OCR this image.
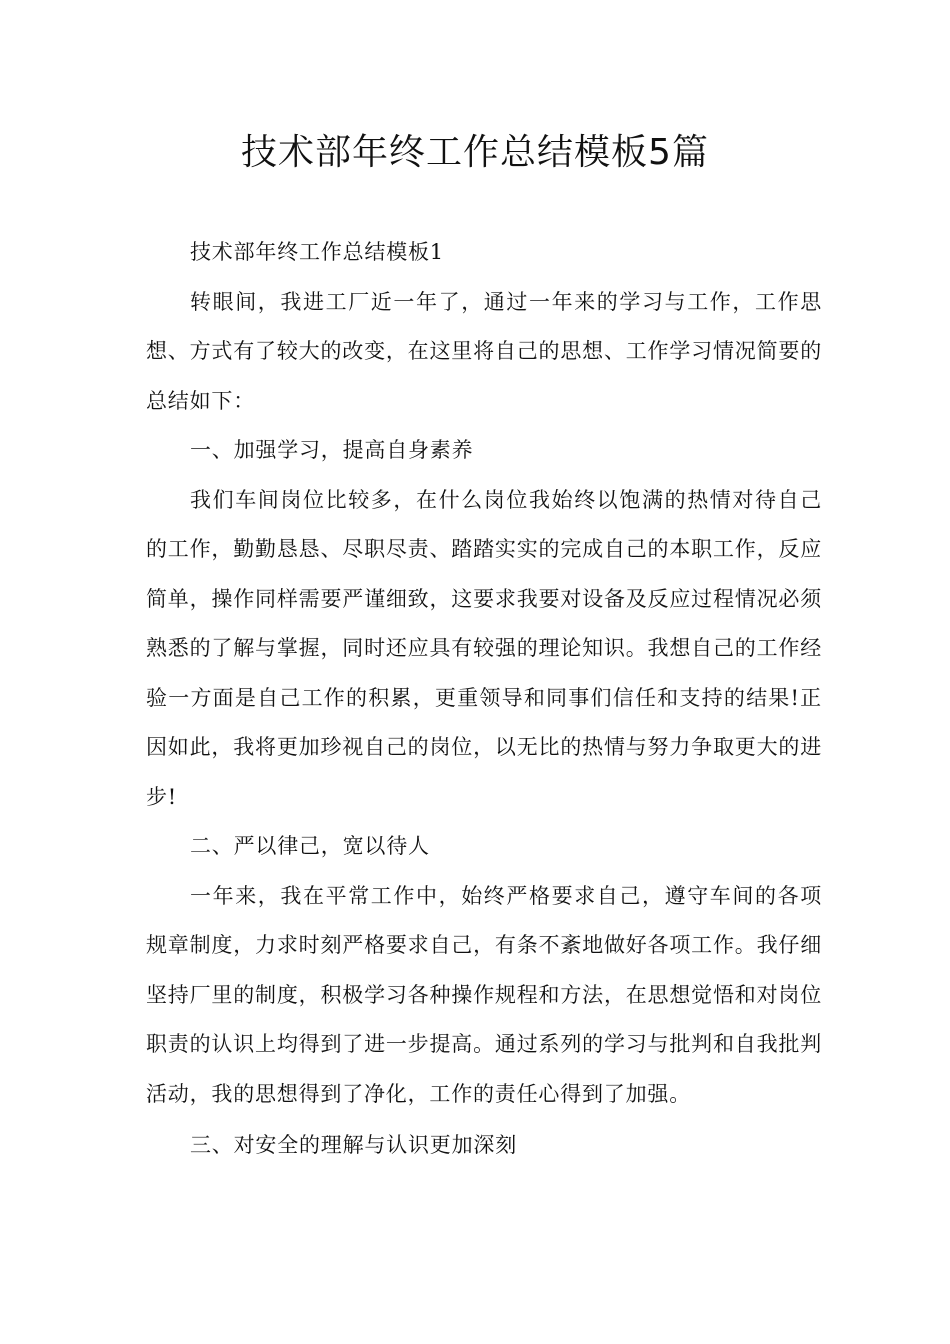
技术部年终工作总结模板5篇

技术部年终工作总结模板1

转眼间，我进工厂近一年了，通过一年来的学习与工作，工作思想、方式有了较大的改变，在这里将自己的思想、工作学习情况简要的总结如下：

一、加强学习，提高自身素养

我们车间岗位比较多，在什么岗位我始终以饱满的热情对待自己的工作，勤勤恳恳、尽职尽责、踏踏实实的完成自己的本职工作，反应简单，操作同样需要严谨细致，这要求我要对设备及反应过程情况必须熟悉的了解与掌握，同时还应具有较强的理论知识。我想自己的工作经验一方面是自己工作的积累，更重领导和同事们信任和支持的结果!正因如此，我将更加珍视自己的岗位，以无比的热情与努力争取更大的进步!

二、严以律己，宽以待人

一年来，我在平常工作中，始终严格要求自己，遵守车间的各项规章制度，力求时刻严格要求自己，有条不紊地做好各项工作。我仔细坚持厂里的制度，积极学习各种操作规程和方法，在思想觉悟和对岗位职责的认识上均得到了进一步提高。通过系列的学习与批判和自我批判活动，我的思想得到了净化，工作的责任心得到了加强。

三、对安全的理解与认识更加深刻
